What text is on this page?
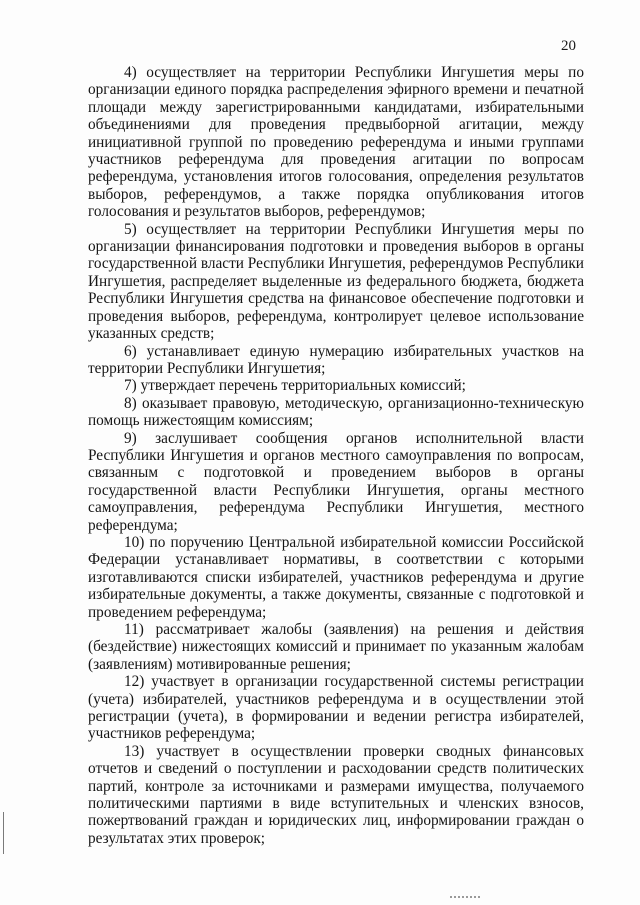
20

4) осуществляет на территории Республики Ингушетия меры по организации единого порядка распределения эфирного времени и печатной площади между зарегистрированными кандидатами, избирательными объединениями для проведения предвыборной агитации, между инициативной группой по проведению референдума и иными группами участников референдума для проведения агитации по вопросам референдума, установления итогов голосования, определения результатов выборов, референдумов, а также порядка опубликования итогов голосования и результатов выборов, референдумов;

5) осуществляет на территории Республики Ингушетия меры по организации финансирования подготовки и проведения выборов в органы государственной власти Республики Ингушетия, референдумов Республики Ингушетия, распределяет выделенные из федерального бюджета, бюджета Республики Ингушетия средства на финансовое обеспечение подготовки и проведения выборов, референдума, контролирует целевое использование указанных средств;

6) устанавливает единую нумерацию избирательных участков на территории Республики Ингушетия;

7) утверждает перечень территориальных комиссий;

8) оказывает правовую, методическую, организационно-техническую помощь нижестоящим комиссиям;

9) заслушивает сообщения органов исполнительной власти Республики Ингушетия и органов местного самоуправления по вопросам, связанным с подготовкой и проведением выборов в органы государственной власти Республики Ингушетия, органы местного самоуправления, референдума Республики Ингушетия, местного референдума;

10) по поручению Центральной избирательной комиссии Российской Федерации устанавливает нормативы, в соответствии с которыми изготавливаются списки избирателей, участников референдума и другие избирательные документы, а также документы, связанные с подготовкой и проведением референдума;

11) рассматривает жалобы (заявления) на решения и действия (бездействие) нижестоящих комиссий и принимает по указанным жалобам (заявлениям) мотивированные решения;

12) участвует в организации государственной системы регистрации (учета) избирателей, участников референдума и в осуществлении этой регистрации (учета), в формировании и ведении регистра избирателей, участников референдума;

13) участвует в осуществлении проверки сводных финансовых отчетов и сведений о поступлении и расходовании средств политических партий, контроле за источниками и размерами имущества, получаемого политическими партиями в виде вступительных и членских взносов, пожертвований граждан и юридических лиц, информировании граждан о результатах этих проверок;
